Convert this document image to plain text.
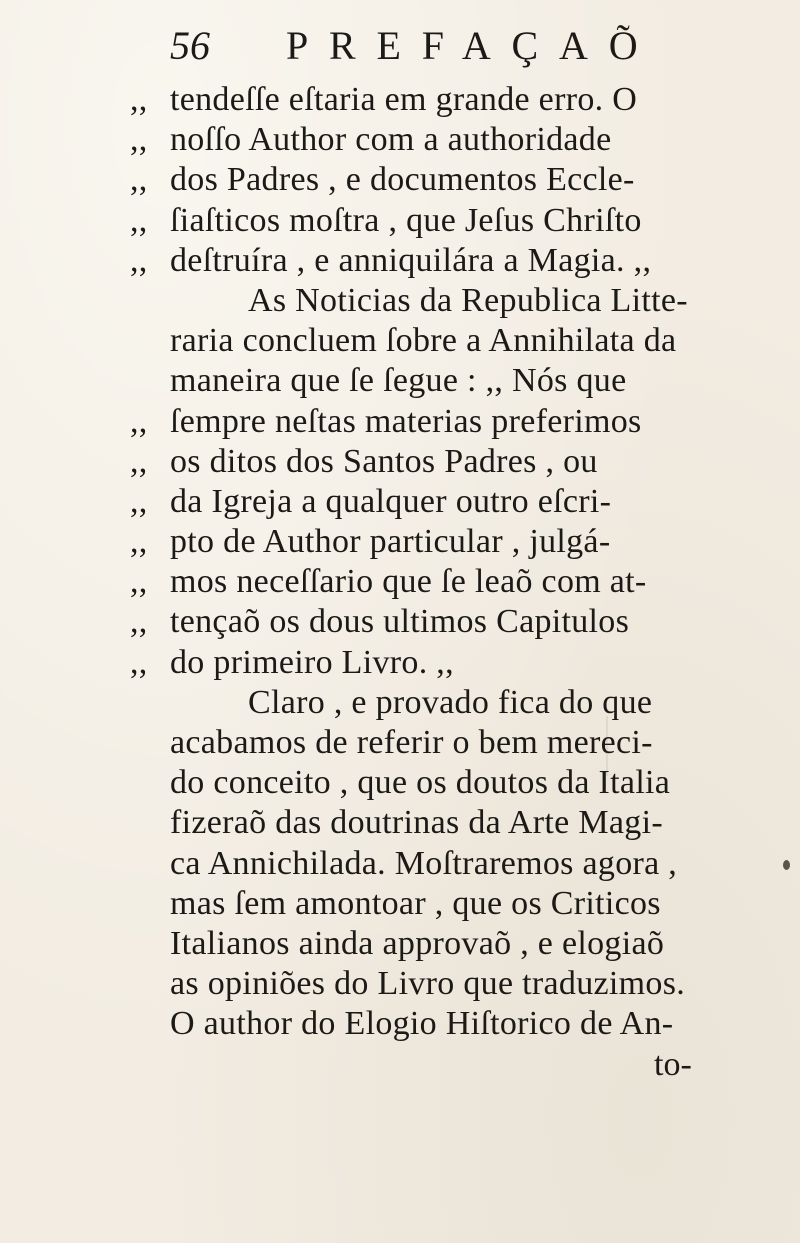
56 PREFAÇAÕ
,, tendeſſe eſtaria em grande erro. O
,, noſſo Author com a authoridade
,, dos Padres , e documentos Eccle-
,, ſiaſticos moſtra , que Jeſus Chriſto
,, deſtruíra , e anniquilára a Magia. ,,
As Noticias da Republica Litte-
raria concluem ſobre a Annihilata da
maneira que ſe ſegue : ,, Nós que
,, ſempre neſtas materias preferimos
,, os ditos dos Santos Padres , ou
,, da Igreja a qualquer outro eſcri-
,, pto de Author particular , julgá-
,, mos neceſſario que ſe leaõ com at-
,, tençaõ os dous ultimos Capitulos
,, do primeiro Livro. ,,
Claro , e provado fica do que
acabamos de referir o bem mereci-
do conceito , que os doutos da Italia
fizeraõ das doutrinas da Arte Magi-
ca Annichilada. Moſtraremos agora ,
mas ſem amontoar , que os Criticos
Italianos ainda approvaõ , e elogiaõ
as opiniões do Livro que traduzimos.
O author do Elogio Hiſtorico de An-
to-
